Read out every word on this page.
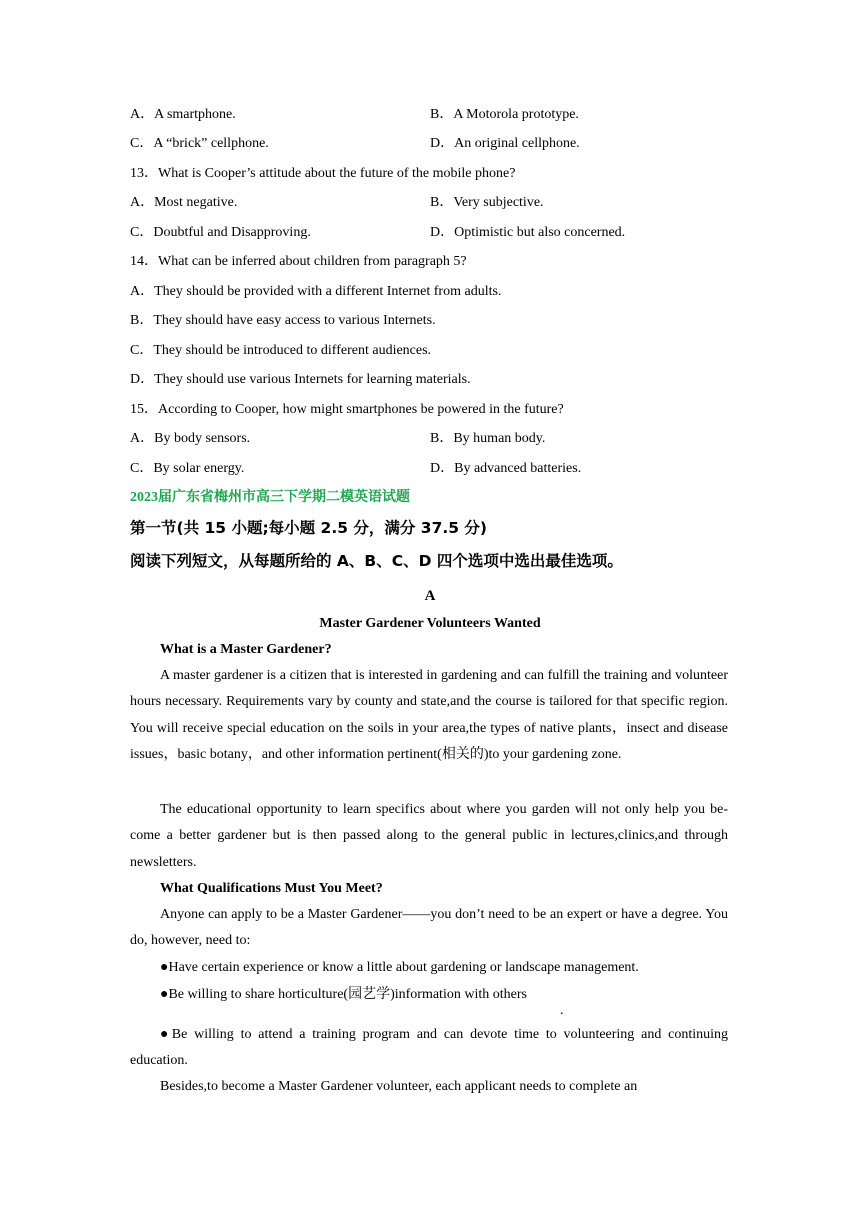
A．A smartphone.	B．A Motorola prototype.
C．A “brick” cellphone.	D．An original cellphone.
13．What is Cooper’s attitude about the future of the mobile phone?
A．Most negative.	B．Very subjective.
C．Doubtful and Disapproving.	D．Optimistic but also concerned.
14．What can be inferred about children from paragraph 5?
A．They should be provided with a different Internet from adults.
B．They should have easy access to various Internets.
C．They should be introduced to different audiences.
D．They should use various Internets for learning materials.
15．According to Cooper, how might smartphones be powered in the future?
A．By body sensors.	B．By human body.
C．By solar energy.	D．By advanced batteries.
2023届广东省梅州市高三下学期二模英语试题
第一节(共 15 小题;每小题 2.5 分，满分 37.5 分)
阅读下列短文，从每题所给的 A、B、C、D 四个选项中选出最佳选项。
A
Master Gardener Volunteers Wanted
What is a Master Gardener?
A master gardener is a citizen that is interested in gardening and can fulfill the training and volunteer hours necessary. Requirements vary by county and state,and the course is tailored for that specific region. You will receive special education on the soils in your area,the types of native plants，insect and disease issues，basic botany，and other information pertinent(相关的)to your gardening zone.
The educational opportunity to learn specifics about where you garden will not only help you be-come a better gardener but is then passed along to the general public in lectures,clinics,and through newsletters.
What Qualifications Must You Meet?
Anyone can apply to be a Master Gardener——you don’t need to be an expert or have a degree. You do, however, need to:
●Have certain experience or know a little about gardening or landscape management.
●Be willing to share horticulture(园艺学)information with others
.
●Be willing to attend a training program and can devote time to volunteering and continuing education.
Besides,to become a Master Gardener volunteer, each applicant needs to complete an
